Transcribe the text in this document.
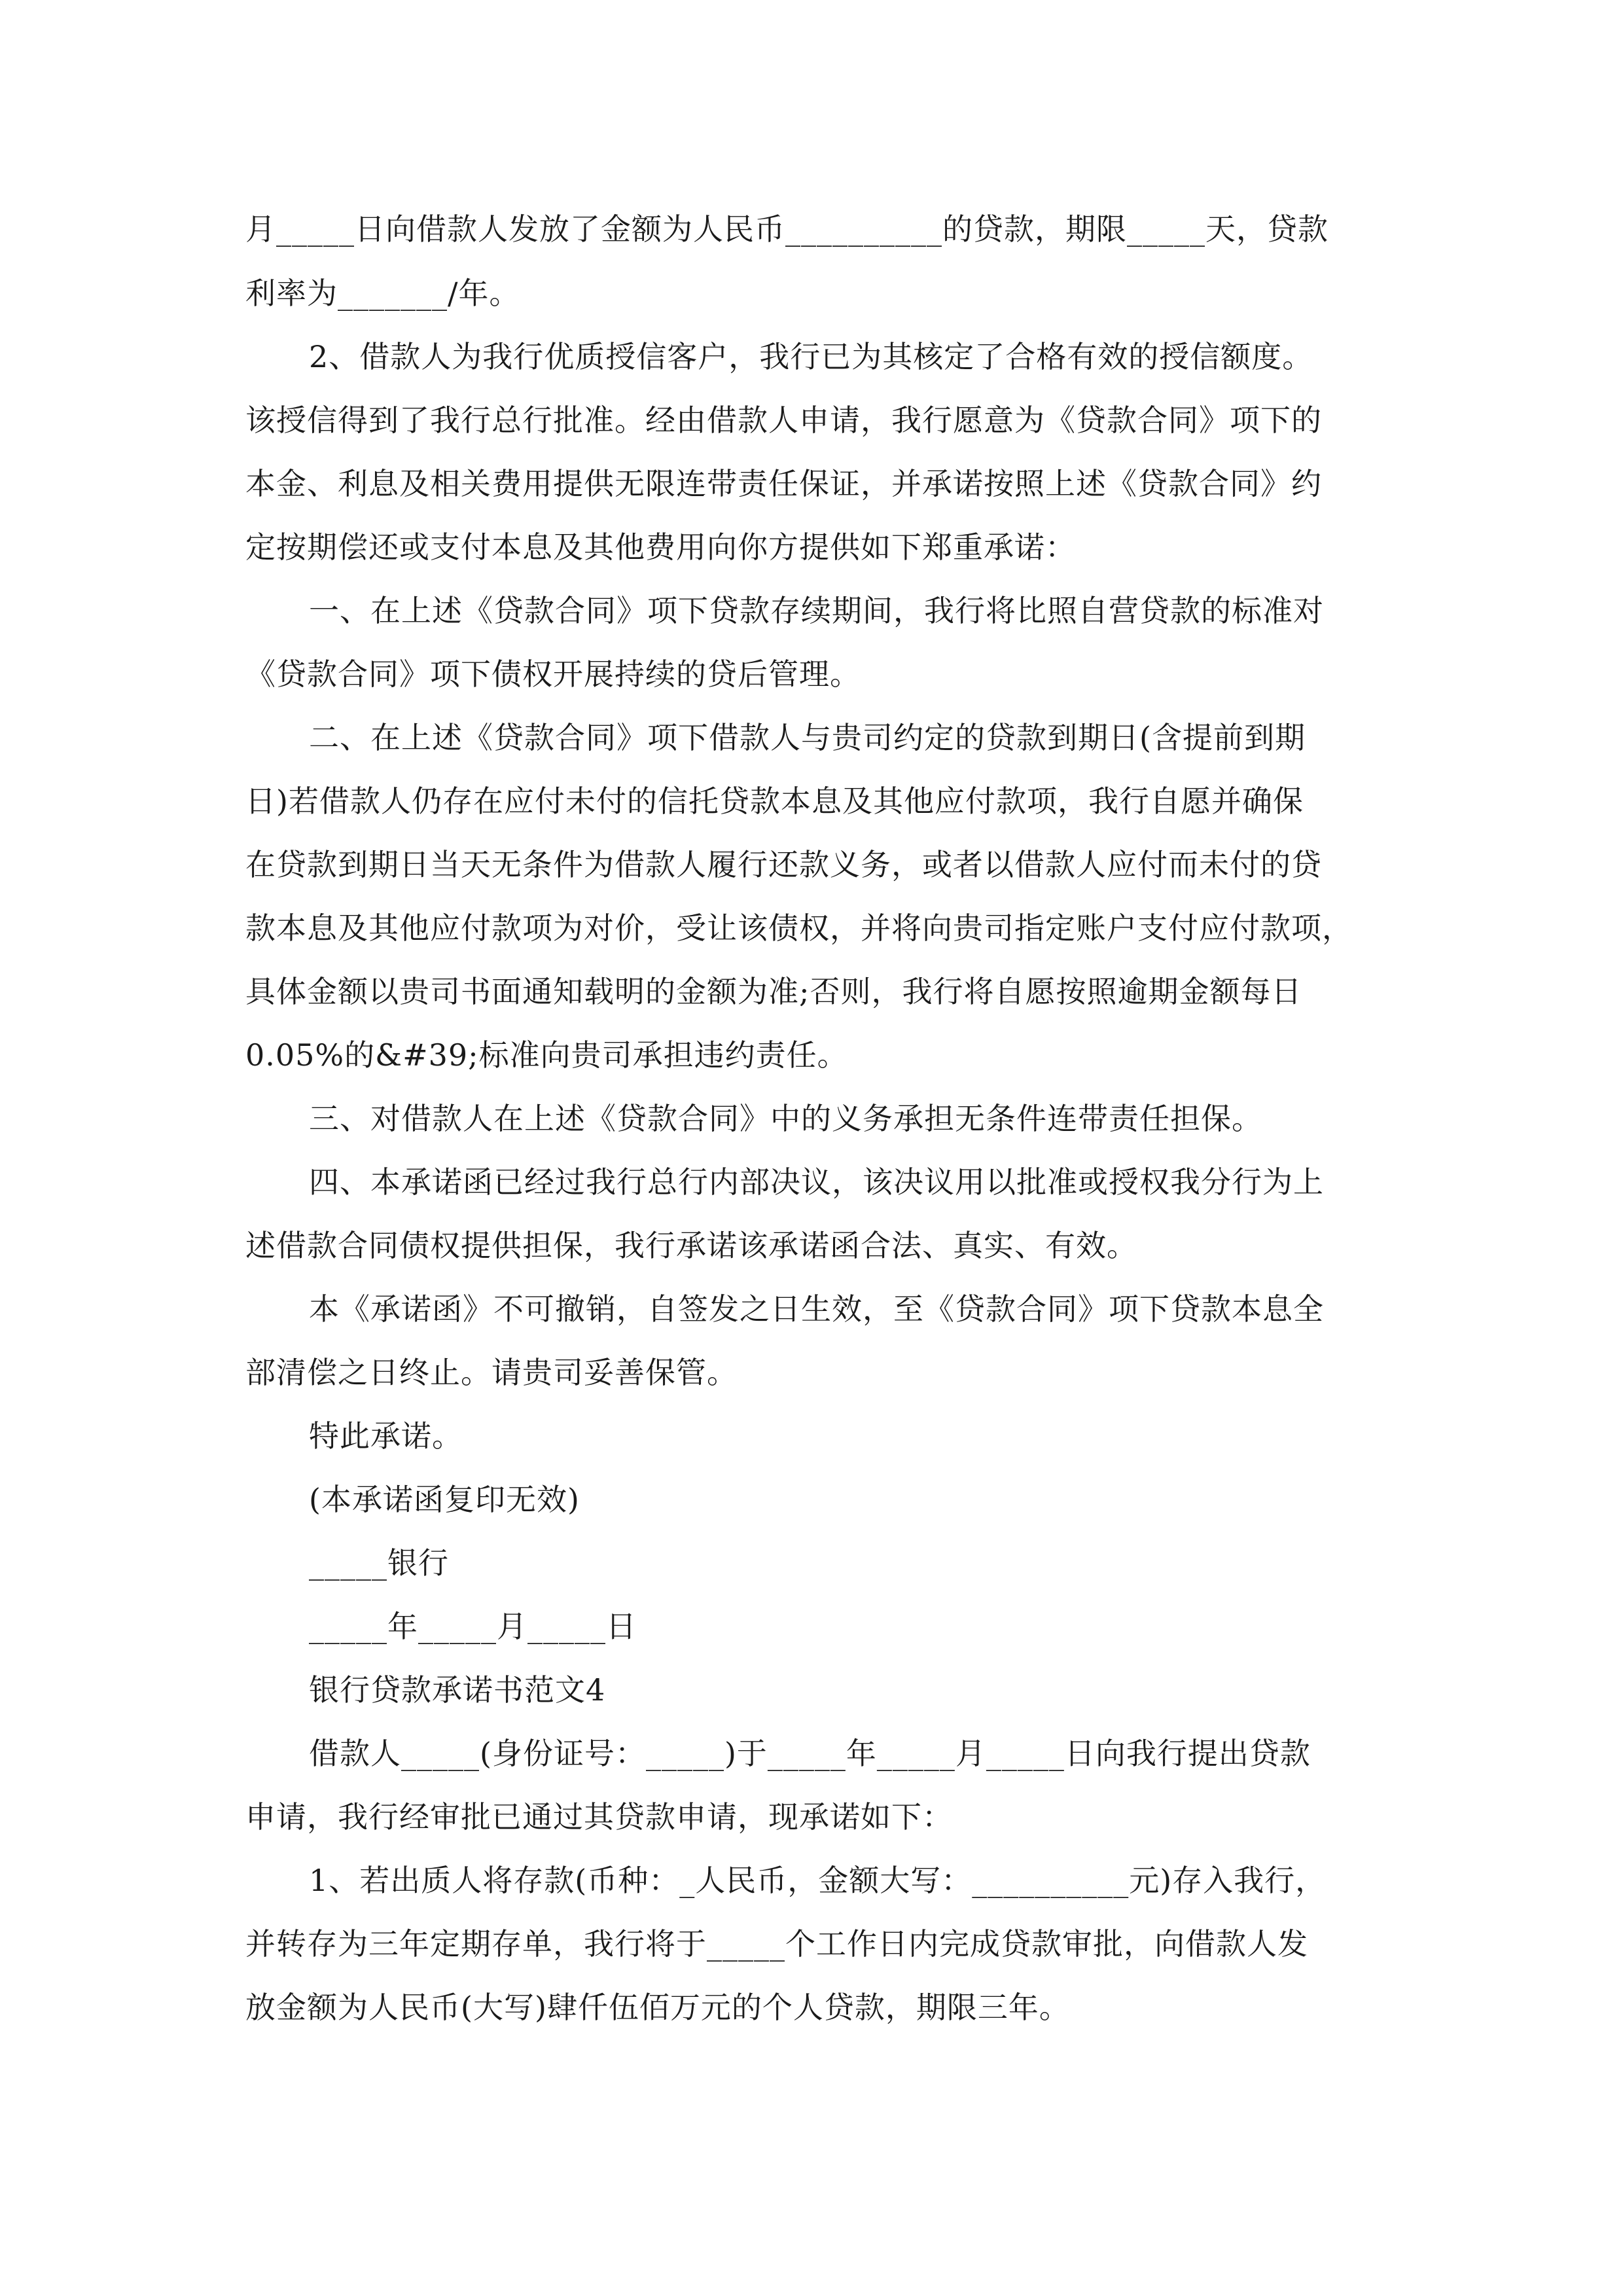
月_____日向借款人发放了金额为人民币__________的贷款，期限_____天，贷款
利率为_______/年。
2、借款人为我行优质授信客户，我行已为其核定了合格有效的授信额度。
该授信得到了我行总行批准。经由借款人申请，我行愿意为《贷款合同》项下的
本金、利息及相关费用提供无限连带责任保证，并承诺按照上述《贷款合同》约
定按期偿还或支付本息及其他费用向你方提供如下郑重承诺：
一、在上述《贷款合同》项下贷款存续期间，我行将比照自营贷款的标准对
《贷款合同》项下债权开展持续的贷后管理。
二、在上述《贷款合同》项下借款人与贵司约定的贷款到期日(含提前到期
日)若借款人仍存在应付未付的信托贷款本息及其他应付款项，我行自愿并确保
在贷款到期日当天无条件为借款人履行还款义务，或者以借款人应付而未付的贷
款本息及其他应付款项为对价，受让该债权，并将向贵司指定账户支付应付款项，
具体金额以贵司书面通知载明的金额为准;否则，我行将自愿按照逾期金额每日
0.05%的&#39;标准向贵司承担违约责任。
三、对借款人在上述《贷款合同》中的义务承担无条件连带责任担保。
四、本承诺函已经过我行总行内部决议，该决议用以批准或授权我分行为上
述借款合同债权提供担保，我行承诺该承诺函合法、真实、有效。
本《承诺函》不可撤销，自签发之日生效，至《贷款合同》项下贷款本息全
部清偿之日终止。请贵司妥善保管。
特此承诺。
(本承诺函复印无效)
_____银行
_____年_____月_____日
银行贷款承诺书范文4
借款人_____(身份证号：_____)于_____年_____月_____日向我行提出贷款
申请，我行经审批已通过其贷款申请，现承诺如下：
1、若出质人将存款(币种：_人民币，金额大写：__________元)存入我行，
并转存为三年定期存单，我行将于_____个工作日内完成贷款审批，向借款人发
放金额为人民币(大写)肆仟伍佰万元的个人贷款，期限三年。
